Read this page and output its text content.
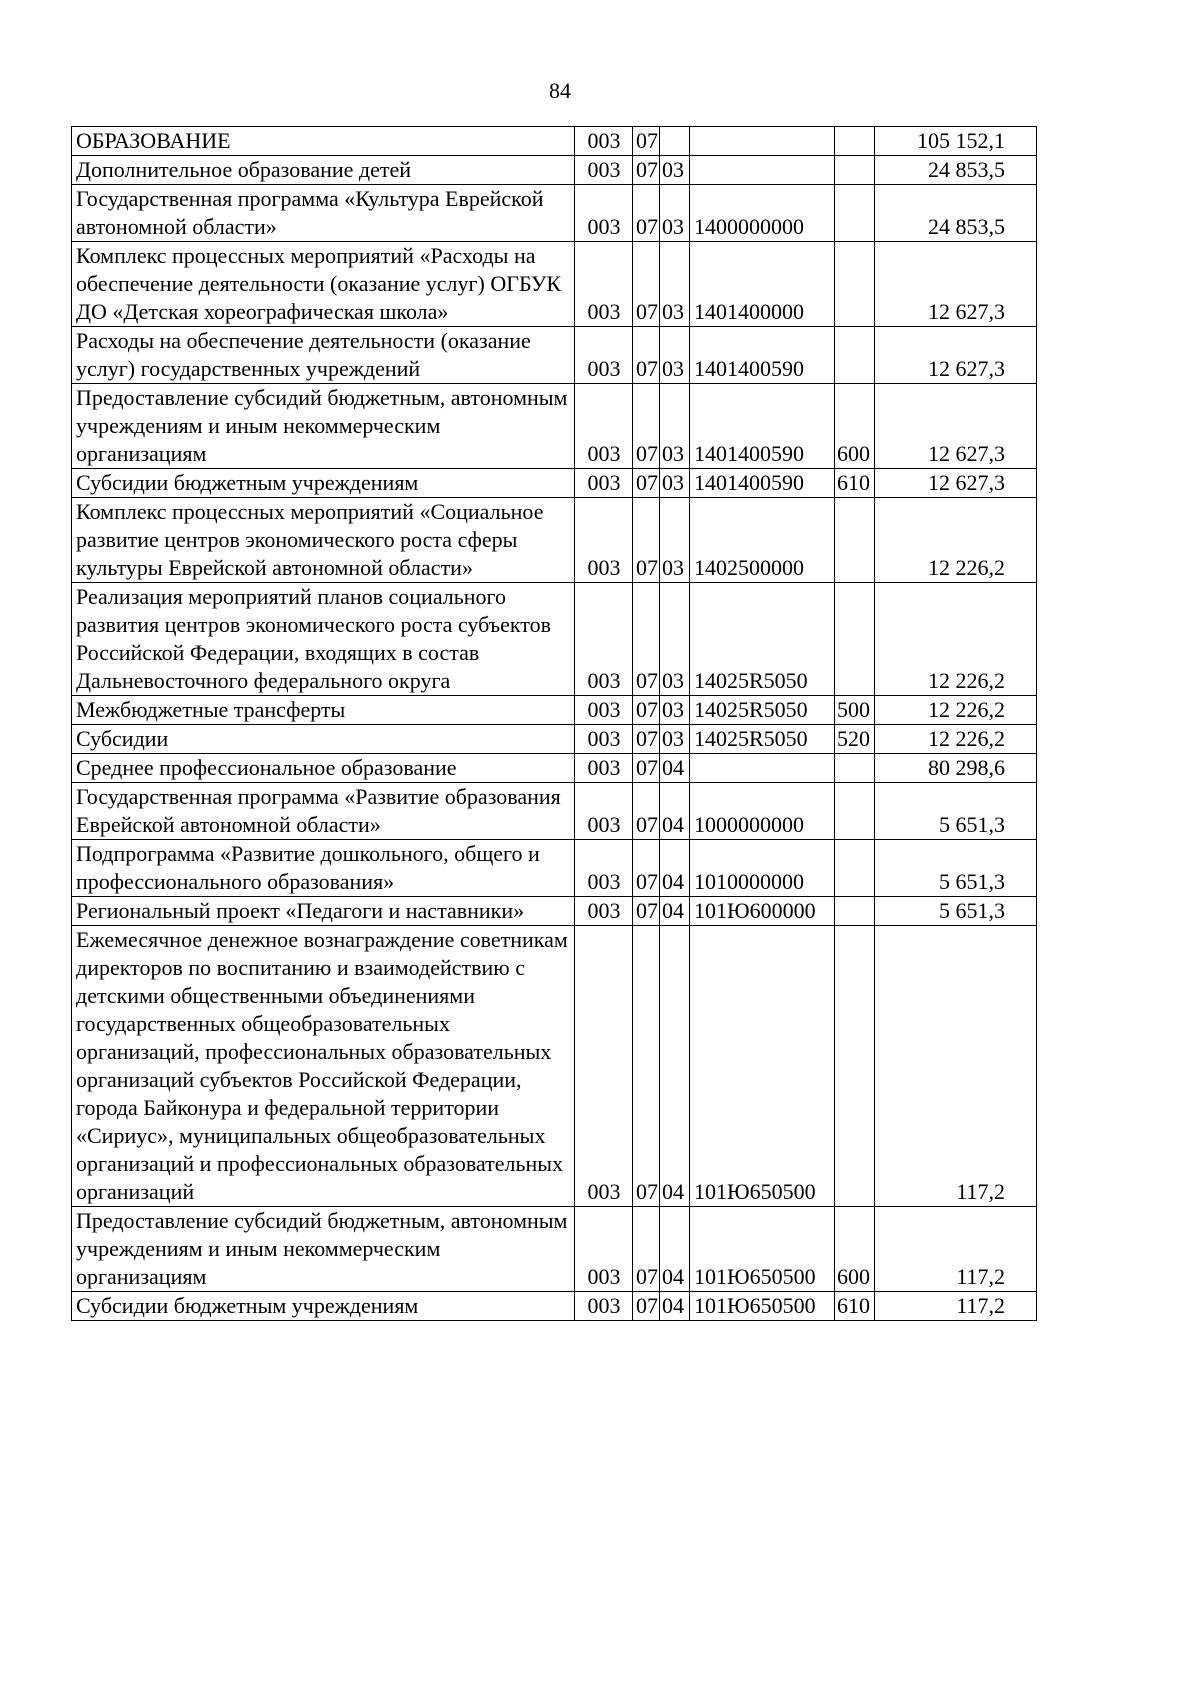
84
ОБРАЗОВАНИЕ	003	07				105 152,1
Дополнительное образование детей	003	07	03			24 853,5
Государственная программа «Культура Еврейской автономной области»	003	07	03	1400000000		24 853,5
Комплекс процессных мероприятий «Расходы на обеспечение деятельности (оказание услуг) ОГБУК ДО «Детская хореографическая школа»	003	07	03	1401400000		12 627,3
Расходы на обеспечение деятельности (оказание услуг) государственных учреждений	003	07	03	1401400590		12 627,3
Предоставление субсидий бюджетным, автономным учреждениям и иным некоммерческим организациям	003	07	03	1401400590	600	12 627,3
Субсидии бюджетным учреждениям	003	07	03	1401400590	610	12 627,3
Комплекс процессных мероприятий «Социальное развитие центров экономического роста сферы культуры Еврейской автономной области»	003	07	03	1402500000		12 226,2
Реализация мероприятий планов социального развития центров экономического роста субъектов Российской Федерации, входящих в состав Дальневосточного федерального округа	003	07	03	14025R5050		12 226,2
Межбюджетные трансферты	003	07	03	14025R5050	500	12 226,2
Субсидии	003	07	03	14025R5050	520	12 226,2
Среднее профессиональное образование	003	07	04			80 298,6
Государственная программа «Развитие образования Еврейской автономной области»	003	07	04	1000000000		5 651,3
Подпрограмма «Развитие дошкольного, общего и профессионального образования»	003	07	04	1010000000		5 651,3
Региональный проект «Педагоги и наставники»	003	07	04	101Ю600000		5 651,3
Ежемесячное денежное вознаграждение советникам директоров по воспитанию и взаимодействию с детскими общественными объединениями государственных общеобразовательных организаций, профессиональных образовательных организаций субъектов Российской Федерации, города Байконура и федеральной территории «Сириус», муниципальных общеобразовательных организаций и профессиональных образовательных организаций	003	07	04	101Ю650500		117,2
Предоставление субсидий бюджетным, автономным учреждениям и иным некоммерческим организациям	003	07	04	101Ю650500	600	117,2
Субсидии бюджетным учреждениям	003	07	04	101Ю650500	610	117,2
